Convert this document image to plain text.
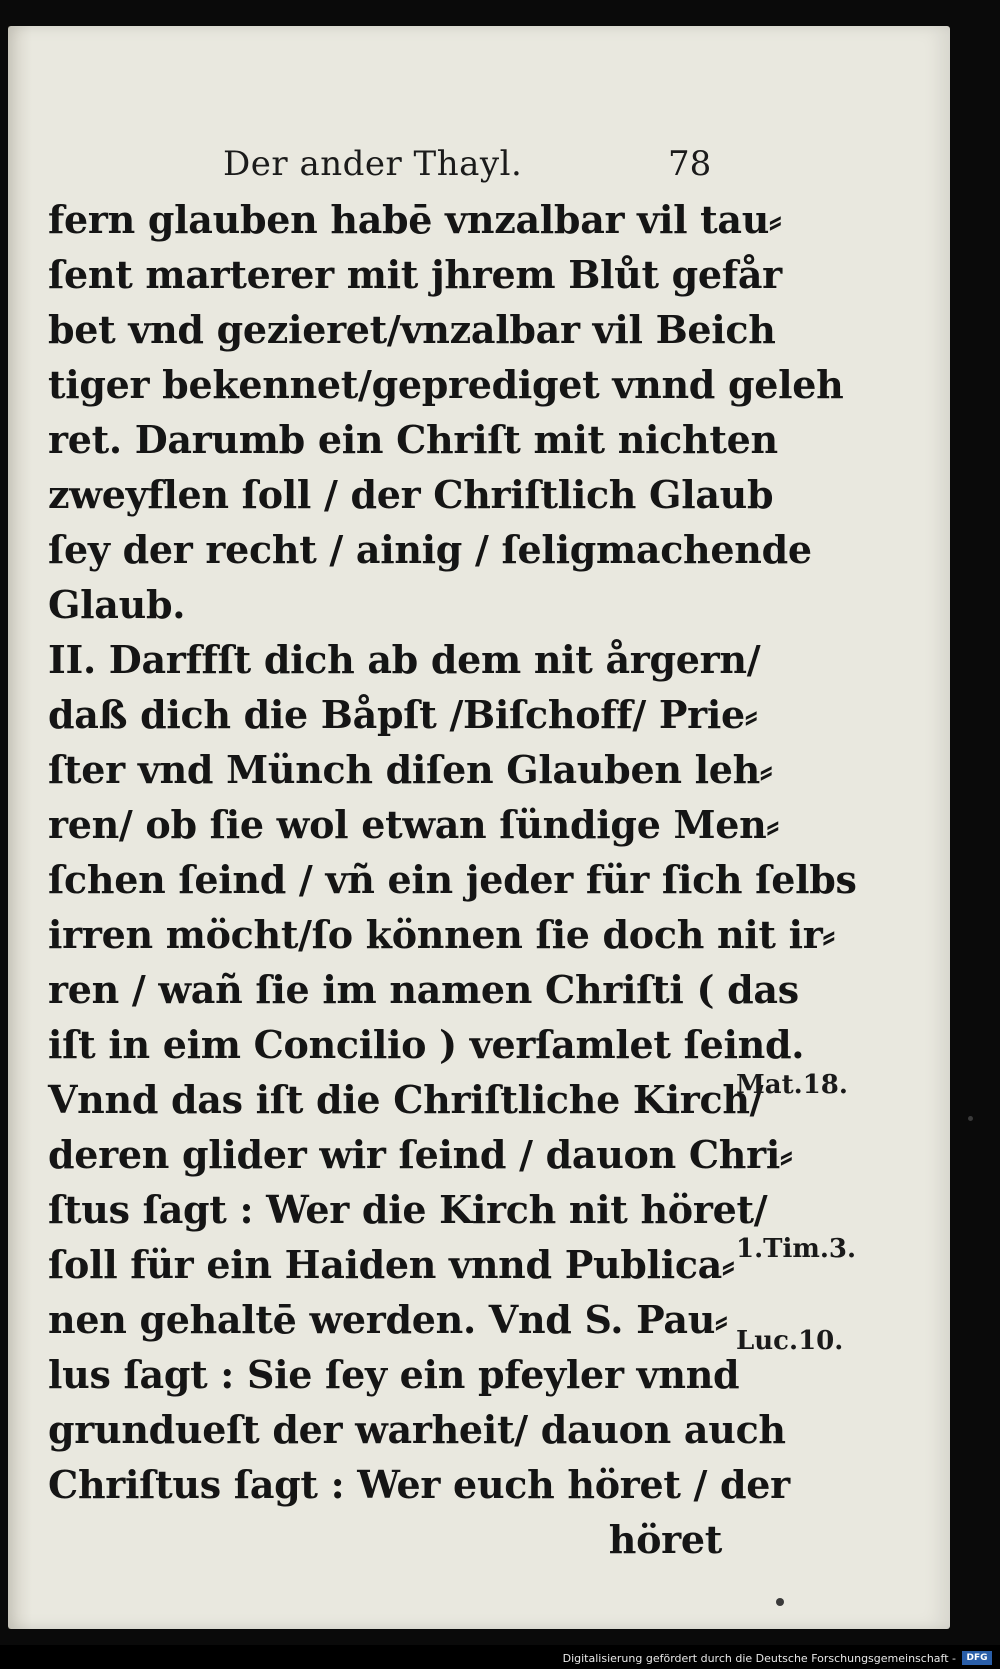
Der ander Thayl.	78
fern glauben habē vnzalbar vil tau⸗
ſent marterer mit jhrem Blůt gefår
bet vnd gezieret/vnzalbar vil Beich
tiger bekennet/geprediget vnnd geleh
ret. Darumb ein Chriſt mit nichten
zweyflen ſoll / der Chriſtlich Glaub
ſey der recht / ainig / ſeligmachende
Glaub.
II. Darffſt dich ab dem nit årgern/
daß dich die Båpſt /Biſchoff/ Prie⸗
ſter vnd Münch diſen Glauben leh⸗
ren/ ob ſie wol etwan ſündige Men⸗
ſchen ſeind / vñ ein jeder für ſich ſelbs
irren möcht/ſo können ſie doch nit ir⸗
ren / wañ ſie im namen Chriſti ( das
iſt in eim Concilio ) verſamlet ſeind.
Vnnd das iſt die Chriſtliche Kirch/
deren glider wir ſeind / dauon Chri⸗
ſtus ſagt : Wer die Kirch nit höret/
ſoll für ein Haiden vnnd Publica⸗
nen gehaltē werden. Vnd S. Pau⸗
lus ſagt : Sie ſey ein pfeyler vnnd
grundueſt der warheit/ dauon auch
Chriſtus ſagt : Wer euch höret / der
höret
Mat.18.
1.Tim.3.
Luc.10.
Digitalisierung gefördert durch die Deutsche Forschungsgemeinschaft -	DFG
